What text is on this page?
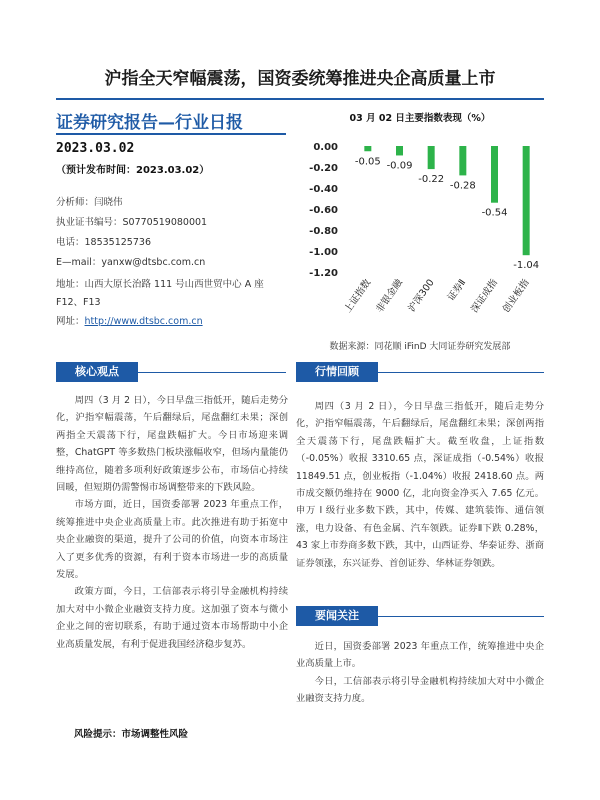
沪指全天窄幅震荡，国资委统筹推进央企高质量上市
证券研究报告—行业日报
2023.03.02
（预计发布时间：2023.03.02）
分析师：闫晓伟
执业证书编号：S0770519080001
电话：18535125736
E—mail：yanxw@dtsbc.com.cn
地址：山西大原长治路 111 号山西世贸中心 A 座
F12、F13
网址：http://www.dtsbc.com.cn
03 月 02 日主要指数表现（%）
0.00
-0.20
-0.40
-0.60
-0.80
-1.00
-1.20
-0.05 -0.09
-0.22
-0.28
-0.54
-1.04
上证指数 非银金融 沪深300 证券Ⅱ 深证成指 创业板指
数据来源：同花顺 iFinD 大同证券研究发展部
核心观点

周四（3 月 2 日），今日早盘三指低开，随后走势分化，沪指窄幅震荡，午后翻绿后，尾盘翻红未果；深创两指全天震荡下行，尾盘跌幅扩大。今日市场迎来调整，ChatGPT 等多数热门板块涨幅收窄，但场内量能仍维持高位，随着多项利好政策逐步公布，市场信心持续回暖，但短期仍需警惕市场调整带来的下跌风险。

市场方面，近日，国资委部署 2023 年重点工作，统筹推进中央企业高质量上市。此次推进有助于拓宽中央企业融资的渠道，提升了公司的价值，向资本市场注入了更多优秀的资源，有利于资本市场进一步的高质量发展。

政策方面，今日，工信部表示将引导金融机构持续加大对中小微企业融资支持力度。这加强了资本与微小企业之间的密切联系，有助于通过资本市场帮助中小企业高质量发展，有利于促进我国经济稳步复苏。

风险提示：市场调整性风险
行情回顾

周四（3 月 2 日），今日早盘三指低开，随后走势分化，沪指窄幅震荡，午后翻绿后，尾盘翻红未果；深创两指全天震荡下行，尾盘跌幅扩大。截至收盘，上证指数（-0.05%）收报 3310.65 点，深证成指（-0.54%）收报 11849.51 点，创业板指（-1.04%）收报 2418.60 点。两市成交额仍维持在 9000 亿，北向资金净买入 7.65 亿元。申万 I 级行业多数下跌，其中，传媒、建筑装饰、通信领涨，电力设备、有色金属、汽车领跌。证券Ⅱ下跌 0.28%，43 家上市券商多数下跌，其中，山西证券、华泰证券、浙商证券领涨，东兴证券、首创证券、华林证券领跌。

要闻关注

近日，国资委部署 2023 年重点工作，统筹推进中央企业高质量上市。

今日，工信部表示将引导金融机构持续加大对中小微企业融资支持力度。
